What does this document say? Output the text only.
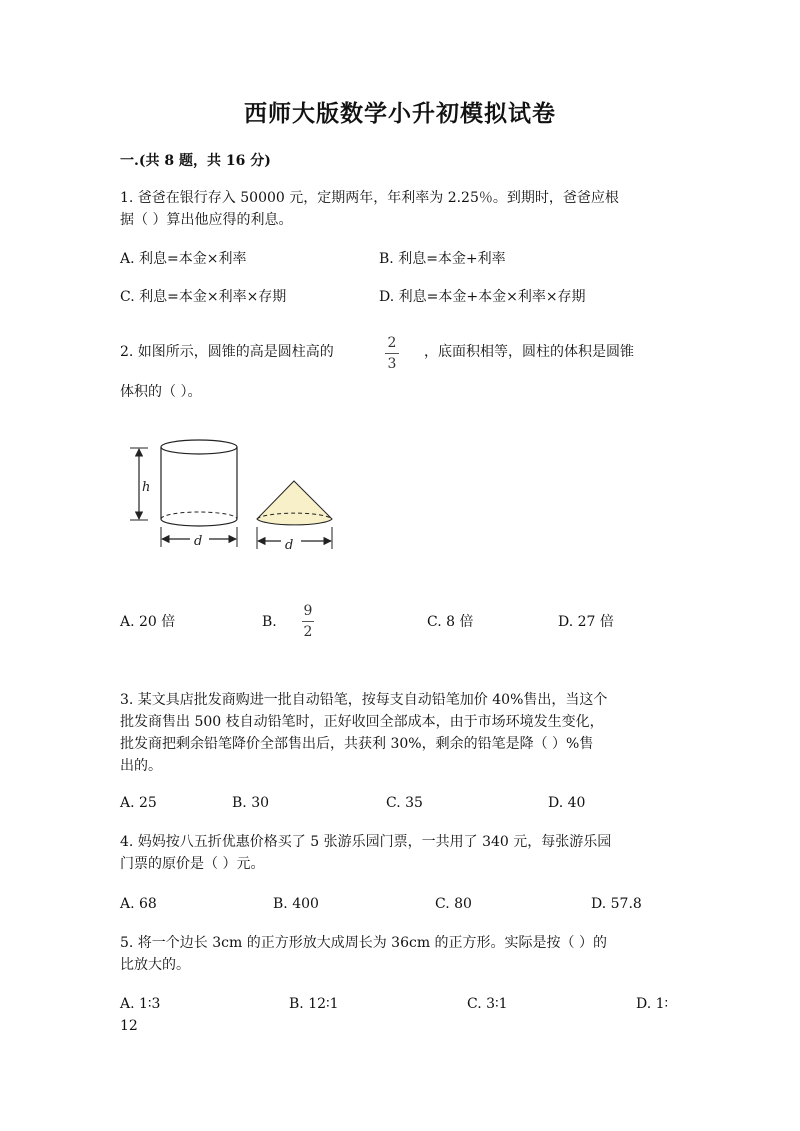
西师大版数学小升初模拟试卷
一.(共 8 题，共 16 分)
1. 爸爸在银行存入 50000 元，定期两年，年利率为 2.25％。到期时，爸爸应根
据（ ）算出他应得的利息。
A. 利息=本金×利率	B. 利息=本金+利率
C. 利息=本金×利率×存期	D. 利息=本金+本金×利率×存期
2. 如图所示，圆锥的高是圆柱高的
2
3
，底面积相等，圆柱的体积是圆锥
体积的（ ）。
h
d	d
A. 20 倍	B.
9
2
C. 8 倍	D. 27 倍
3. 某文具店批发商购进一批自动铅笔，按每支自动铅笔加价 40%售出，当这个
批发商售出 500 枝自动铅笔时，正好收回全部成本，由于市场环境发生变化，
批发商把剩余铅笔降价全部售出后，共获利 30%，剩余的铅笔是降（ ）%售
出的。
A. 25	B. 30	C. 35	D. 40
4. 妈妈按八五折优惠价格买了 5 张游乐园门票，一共用了 340 元，每张游乐园
门票的原价是（ ）元。
A. 68	B. 400	C. 80	D. 57.8
5. 将一个边长 3cm 的正方形放大成周长为 36cm 的正方形。实际是按（ ）的
比放大的。
A. 1∶3	B. 12∶1	C. 3∶1	D. 1∶
12
